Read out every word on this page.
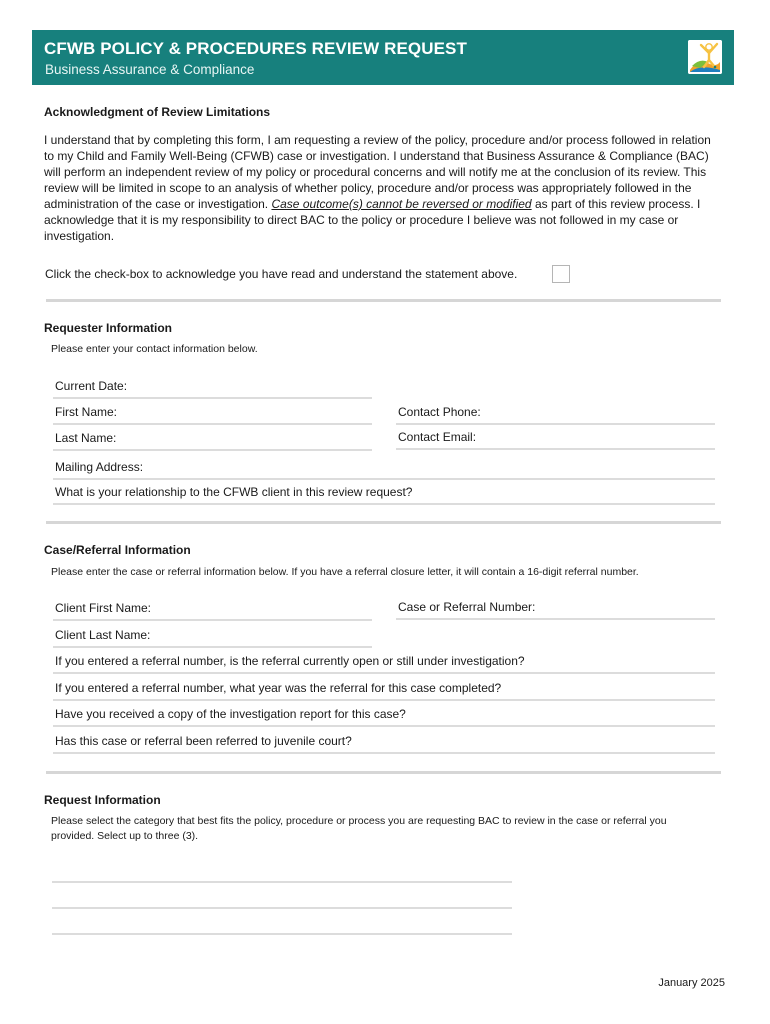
CFWB POLICY & PROCEDURES REVIEW REQUEST
Business Assurance & Compliance
Acknowledgment of Review Limitations
I understand that by completing this form, I am requesting a review of the policy, procedure and/or process followed in relation to my Child and Family Well-Being (CFWB) case or investigation. I understand that Business Assurance & Compliance (BAC) will perform an independent review of my policy or procedural concerns and will notify me at the conclusion of its review. This review will be limited in scope to an analysis of whether policy, procedure and/or process was appropriately followed in the administration of the case or investigation. Case outcome(s) cannot be reversed or modified as part of this review process. I acknowledge that it is my responsibility to direct BAC to the policy or procedure I believe was not followed in my case or investigation.
Click the check-box to acknowledge you have read and understand the statement above.
Requester Information
Please enter your contact information below.
Current Date:
First Name:	Contact Phone:
Last Name:	Contact Email:
Mailing Address:
What is your relationship to the CFWB client in this review request?
Case/Referral Information
Please enter the case or referral information below. If you have a referral closure letter, it will contain a 16-digit referral number.
Client First Name:	Case or Referral Number:
Client Last Name:
If you entered a referral number, is the referral currently open or still under investigation?
If you entered a referral number, what year was the referral for this case completed?
Have you received a copy of the investigation report for this case?
Has this case or referral been referred to juvenile court?
Request Information
Please select the category that best fits the policy, procedure or process you are requesting BAC to review in the case or referral you provided. Select up to three (3).
January 2025
